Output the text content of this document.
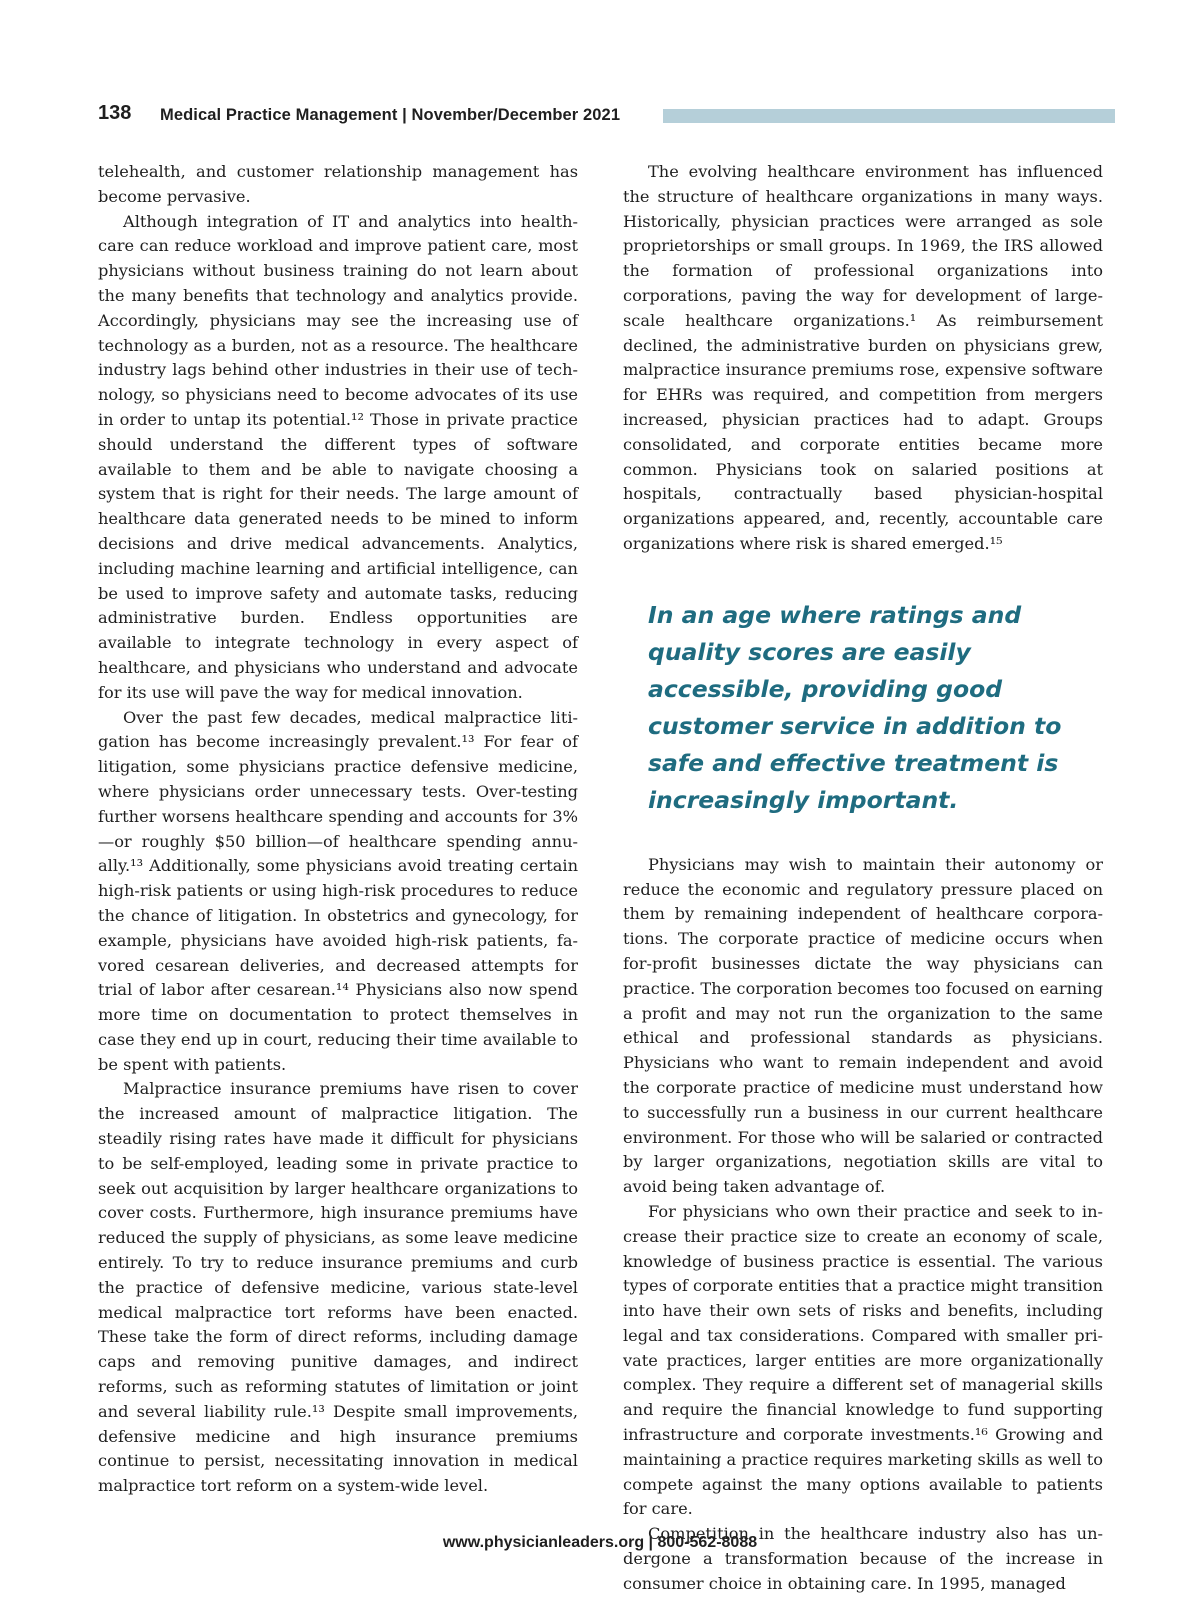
138 Medical Practice Management | November/December 2021

telehealth, and customer relationship management has become pervasive.

Although integration of IT and analytics into healthcare can reduce workload and improve patient care, most physicians without business training do not learn about the many benefits that technology and analytics provide. Accordingly, physicians may see the increasing use of technology as a burden, not as a resource. The healthcare industry lags behind other industries in their use of technology, so physicians need to become advocates of its use in order to untap its potential.¹² Those in private practice should understand the different types of software available to them and be able to navigate choosing a system that is right for their needs. The large amount of healthcare data generated needs to be mined to inform decisions and drive medical advancements. Analytics, including machine learning and artificial intelligence, can be used to improve safety and automate tasks, reducing administrative burden. Endless opportunities are available to integrate technology in every aspect of healthcare, and physicians who understand and advocate for its use will pave the way for medical innovation.

Over the past few decades, medical malpractice litigation has become increasingly prevalent.¹³ For fear of litigation, some physicians practice defensive medicine, where physicians order unnecessary tests. Over-testing further worsens healthcare spending and accounts for 3%—or roughly $50 billion—of healthcare spending annually.¹³ Additionally, some physicians avoid treating certain high-risk patients or using high-risk procedures to reduce the chance of litigation. In obstetrics and gynecology, for example, physicians have avoided high-risk patients, favored cesarean deliveries, and decreased attempts for trial of labor after cesarean.¹⁴ Physicians also now spend more time on documentation to protect themselves in case they end up in court, reducing their time available to be spent with patients.

Malpractice insurance premiums have risen to cover the increased amount of malpractice litigation. The steadily rising rates have made it difficult for physicians to be self-employed, leading some in private practice to seek out acquisition by larger healthcare organizations to cover costs. Furthermore, high insurance premiums have reduced the supply of physicians, as some leave medicine entirely. To try to reduce insurance premiums and curb the practice of defensive medicine, various state-level medical malpractice tort reforms have been enacted. These take the form of direct reforms, including damage caps and removing punitive damages, and indirect reforms, such as reforming statutes of limitation or joint and several liability rule.¹³ Despite small improvements, defensive medicine and high insurance premiums continue to persist, necessitating innovation in medical malpractice tort reform on a system-wide level.

The evolving healthcare environment has influenced the structure of healthcare organizations in many ways. Historically, physician practices were arranged as sole proprietorships or small groups. In 1969, the IRS allowed the formation of professional organizations into corporations, paving the way for development of large-scale healthcare organizations.¹ As reimbursement declined, the administrative burden on physicians grew, malpractice insurance premiums rose, expensive software for EHRs was required, and competition from mergers increased, physician practices had to adapt. Groups consolidated, and corporate entities became more common. Physicians took on salaried positions at hospitals, contractually based physician-hospital organizations appeared, and, recently, accountable care organizations where risk is shared emerged.¹⁵

In an age where ratings and quality scores are easily accessible, providing good customer service in addition to safe and effective treatment is increasingly important.

Physicians may wish to maintain their autonomy or reduce the economic and regulatory pressure placed on them by remaining independent of healthcare corporations. The corporate practice of medicine occurs when for-profit businesses dictate the way physicians can practice. The corporation becomes too focused on earning a profit and may not run the organization to the same ethical and professional standards as physicians. Physicians who want to remain independent and avoid the corporate practice of medicine must understand how to successfully run a business in our current healthcare environment. For those who will be salaried or contracted by larger organizations, negotiation skills are vital to avoid being taken advantage of.

For physicians who own their practice and seek to increase their practice size to create an economy of scale, knowledge of business practice is essential. The various types of corporate entities that a practice might transition into have their own sets of risks and benefits, including legal and tax considerations. Compared with smaller private practices, larger entities are more organizationally complex. They require a different set of managerial skills and require the financial knowledge to fund supporting infrastructure and corporate investments.¹⁶ Growing and maintaining a practice requires marketing skills as well to compete against the many options available to patients for care.

Competition in the healthcare industry also has undergone a transformation because of the increase in consumer choice in obtaining care. In 1995, managed

www.physicianleaders.org | 800-562-8088
